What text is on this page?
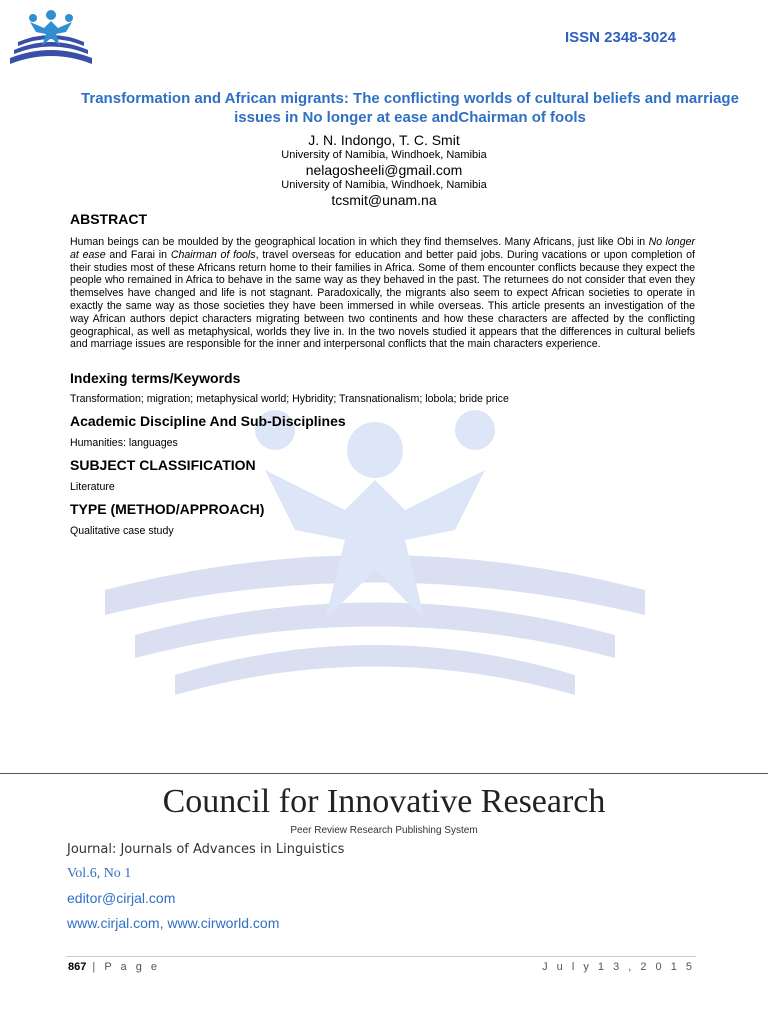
ISSN 2348-3024
Transformation and African migrants: The conflicting worlds of cultural beliefs and marriage issues in No longer at ease andChairman of fools
J. N. Indongo, T. C. Smit
University of Namibia, Windhoek, Namibia
nelagosheeli@gmail.com
University of Namibia, Windhoek, Namibia
tcsmit@unam.na
ABSTRACT
Human beings can be moulded by the geographical location in which they find themselves. Many Africans, just like Obi in No longer at ease and Farai in Chairman of fools, travel overseas for education and better paid jobs. During vacations or upon completion of their studies most of these Africans return home to their families in Africa. Some of them encounter conflicts because they expect the people who remained in Africa to behave in the same way as they behaved in the past. The returnees do not consider that even they themselves have changed and life is not stagnant. Paradoxically, the migrants also seem to expect African societies to operate in exactly the same way as those societies they have been immersed in while overseas. This article presents an investigation of the way African authors depict characters migrating between two continents and how these characters are affected by the conflicting geographical, as well as metaphysical, worlds they live in. In the two novels studied it appears that the differences in cultural beliefs and marriage issues are responsible for the inner and interpersonal conflicts that the main characters experience.
Indexing terms/Keywords
Transformation; migration; metaphysical world; Hybridity; Transnationalism; lobola; bride price
Academic Discipline And Sub-Disciplines
Humanities: languages
SUBJECT CLASSIFICATION
Literature
TYPE (METHOD/APPROACH)
Qualitative case study
Council for Innovative Research
Peer Review Research Publishing System
Journal: Journals of Advances in Linguistics
Vol.6, No 1
editor@cirjal.com
www.cirjal.com, www.cirworld.com
867 | P a g e	J u l y 1 3 , 2 0 1 5
